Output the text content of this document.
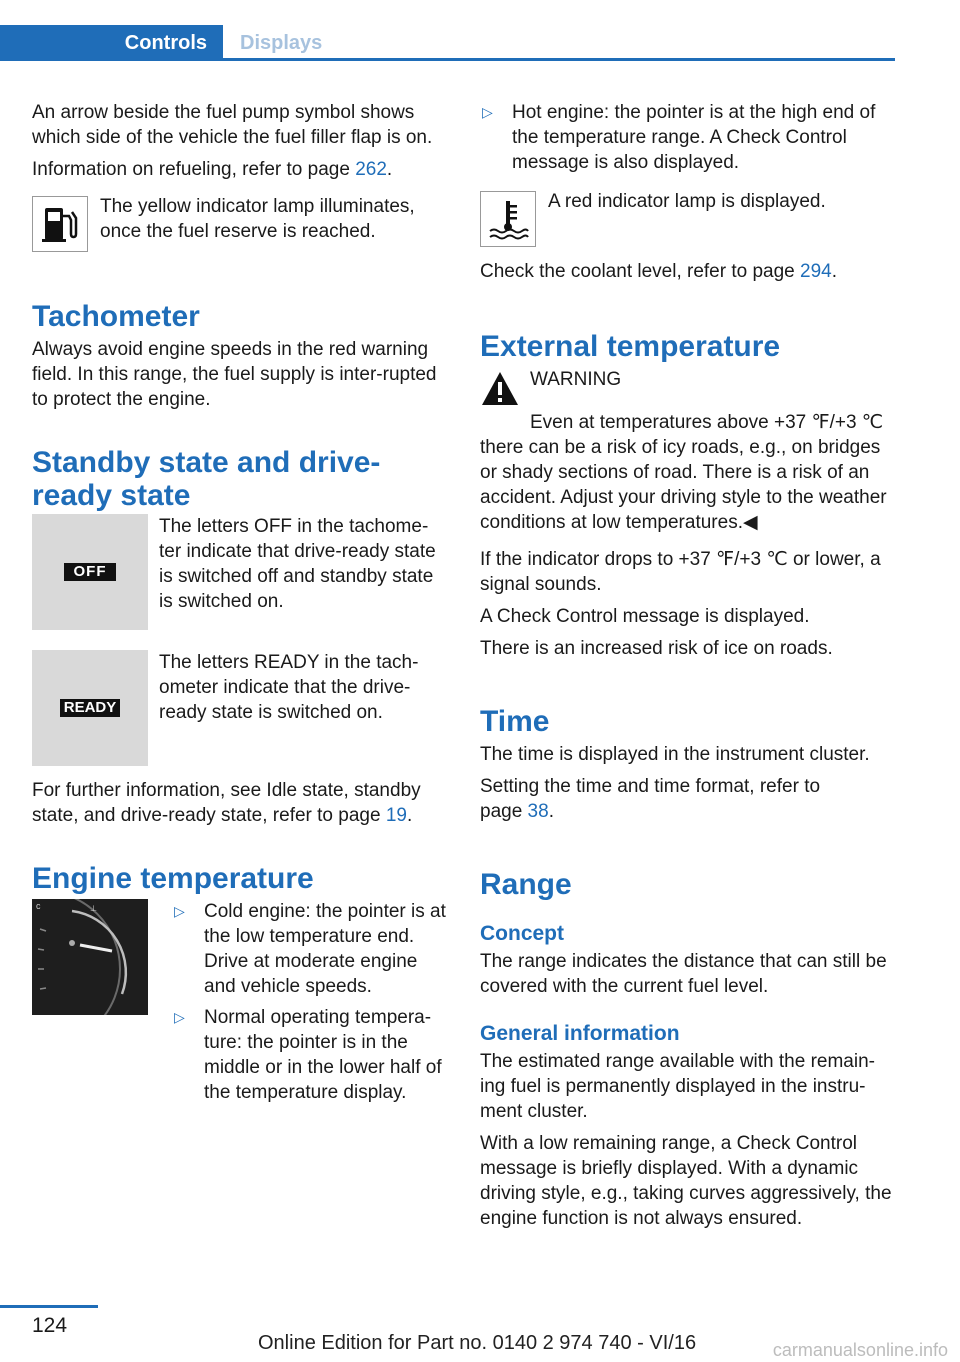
Controls	Displays

An arrow beside the fuel pump symbol shows which side of the vehicle the fuel filler flap is on.

Information on refueling, refer to page 262.

The yellow indicator lamp illuminates, once the fuel reserve is reached.
Tachometer

Always avoid engine speeds in the red warning field. In this range, the fuel supply is inter-rupted to protect the engine.

Standby state and drive-ready state
OFF
The letters OFF in the tachome-ter indicate that drive-ready state is switched off and standby state is switched on.
READY
The letters READY in the tach-ometer indicate that the drive-ready state is switched on.

For further information, see Idle state, standby state, and drive-ready state, refer to page 19.

Engine temperature
c	⊥	▷ Cold engine: the pointer is at the low temperature end. Drive at moderate engine and vehicle speeds.
▷ Normal operating tempera-ture: the pointer is in the middle or in the lower half of the temperature display.
▷ Hot engine: the pointer is at the high end of the temperature range. A Check Control message is also displayed.
A red indicator lamp is displayed.

Check the coolant level, refer to page 294.

External temperature
WARNING

Even at temperatures above +37 ℉/+3 ℃ there can be a risk of icy roads, e.g., on bridges or shady sections of road. There is a risk of an accident. Adjust your driving style to the weather conditions at low temperatures.◀

If the indicator drops to +37 ℉/+3 ℃ or lower, a signal sounds.

A Check Control message is displayed.

There is an increased risk of ice on roads.

Time

The time is displayed in the instrument cluster.

Setting the time and time format, refer to page 38.

Range
Concept

The range indicates the distance that can still be covered with the current fuel level.

General information

The estimated range available with the remain-ing fuel is permanently displayed in the instru-ment cluster.

With a low remaining range, a Check Control message is briefly displayed. With a dynamic driving style, e.g., taking curves aggressively, the engine function is not always ensured.

124
Online Edition for Part no. 0140 2 974 740 - VI/16	carmanualsonline.info
